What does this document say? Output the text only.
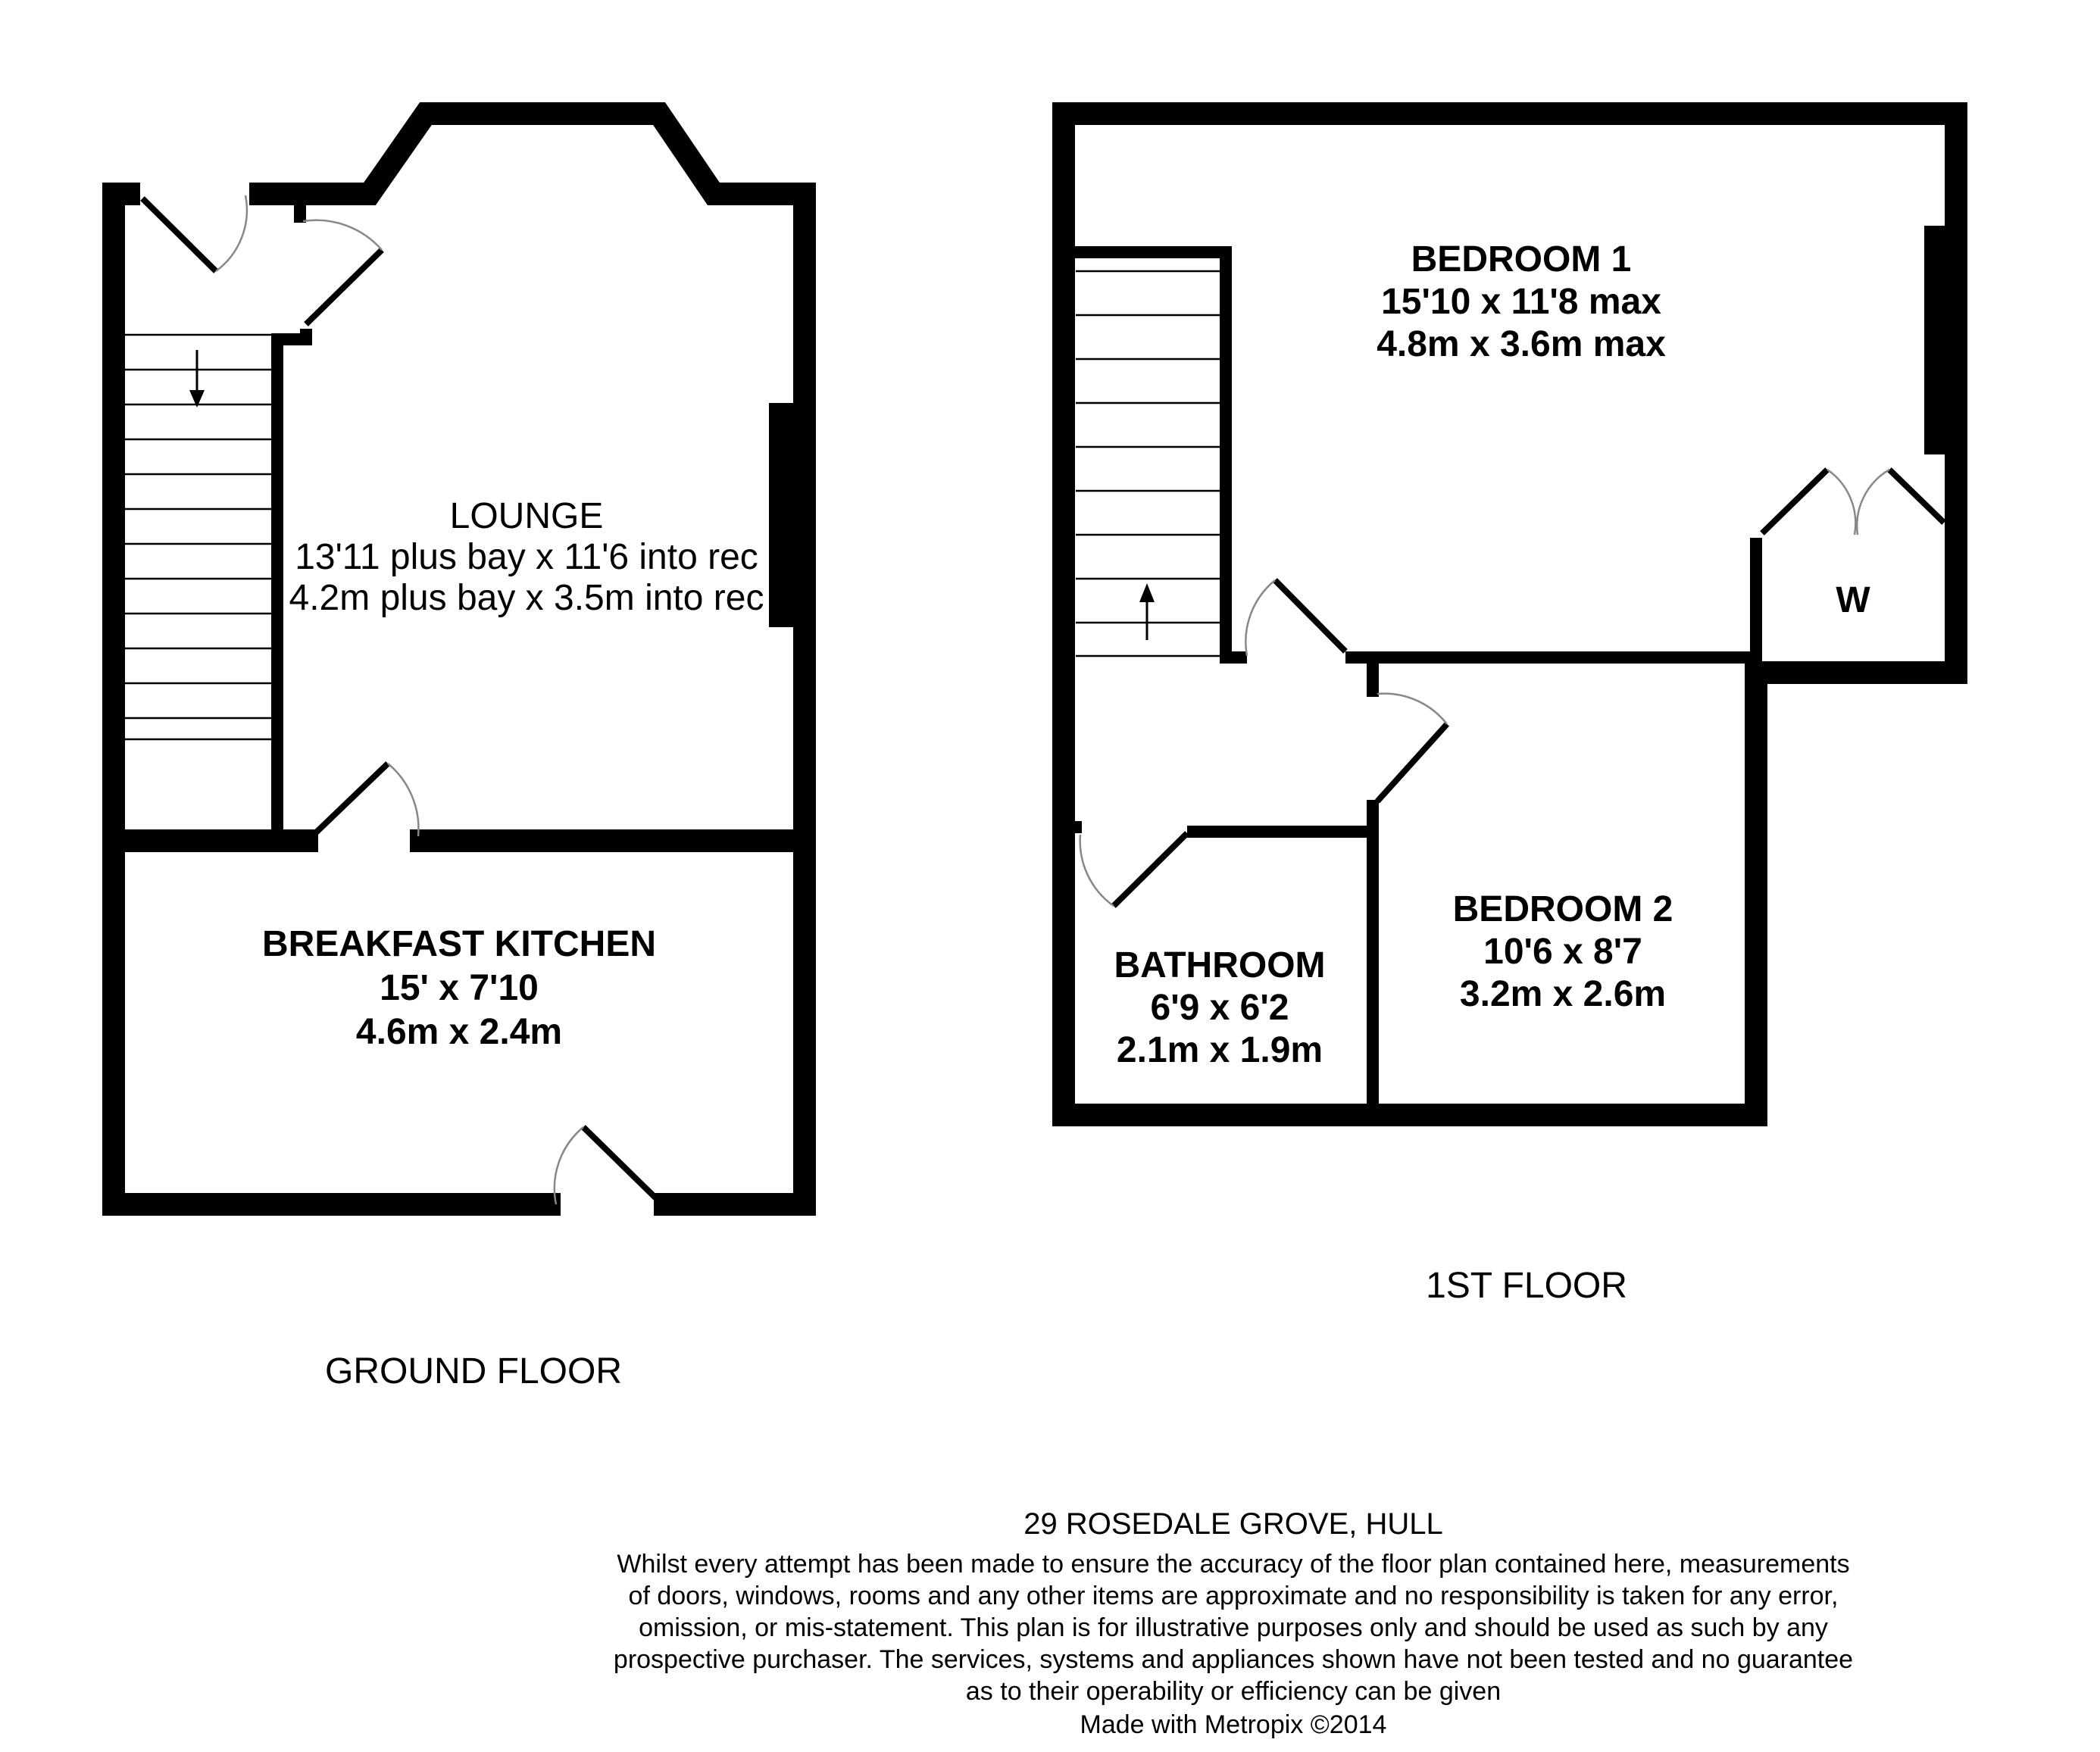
LOUNGE
13'11 plus bay x 11'6 into rec
4.2m plus bay x 3.5m into rec
BREAKFAST KITCHEN
15' x 7'10
4.6m x 2.4m
GROUND FLOOR
BEDROOM 1
15'10 x 11'8 max
4.8m x 3.6m max
W
BEDROOM 2
10'6 x 8'7
3.2m x 2.6m
BATHROOM
6'9 x 6'2
2.1m x 1.9m
1ST FLOOR
29 ROSEDALE GROVE, HULL
Whilst every attempt has been made to ensure the accuracy of the floor plan contained here, measurements
of doors, windows, rooms and any other items are approximate and no responsibility is taken for any error,
omission, or mis-statement. This plan is for illustrative purposes only and should be used as such by any
prospective purchaser. The services, systems and appliances shown have not been tested and no guarantee
as to their operability or efficiency can be given
Made with Metropix ©2014
